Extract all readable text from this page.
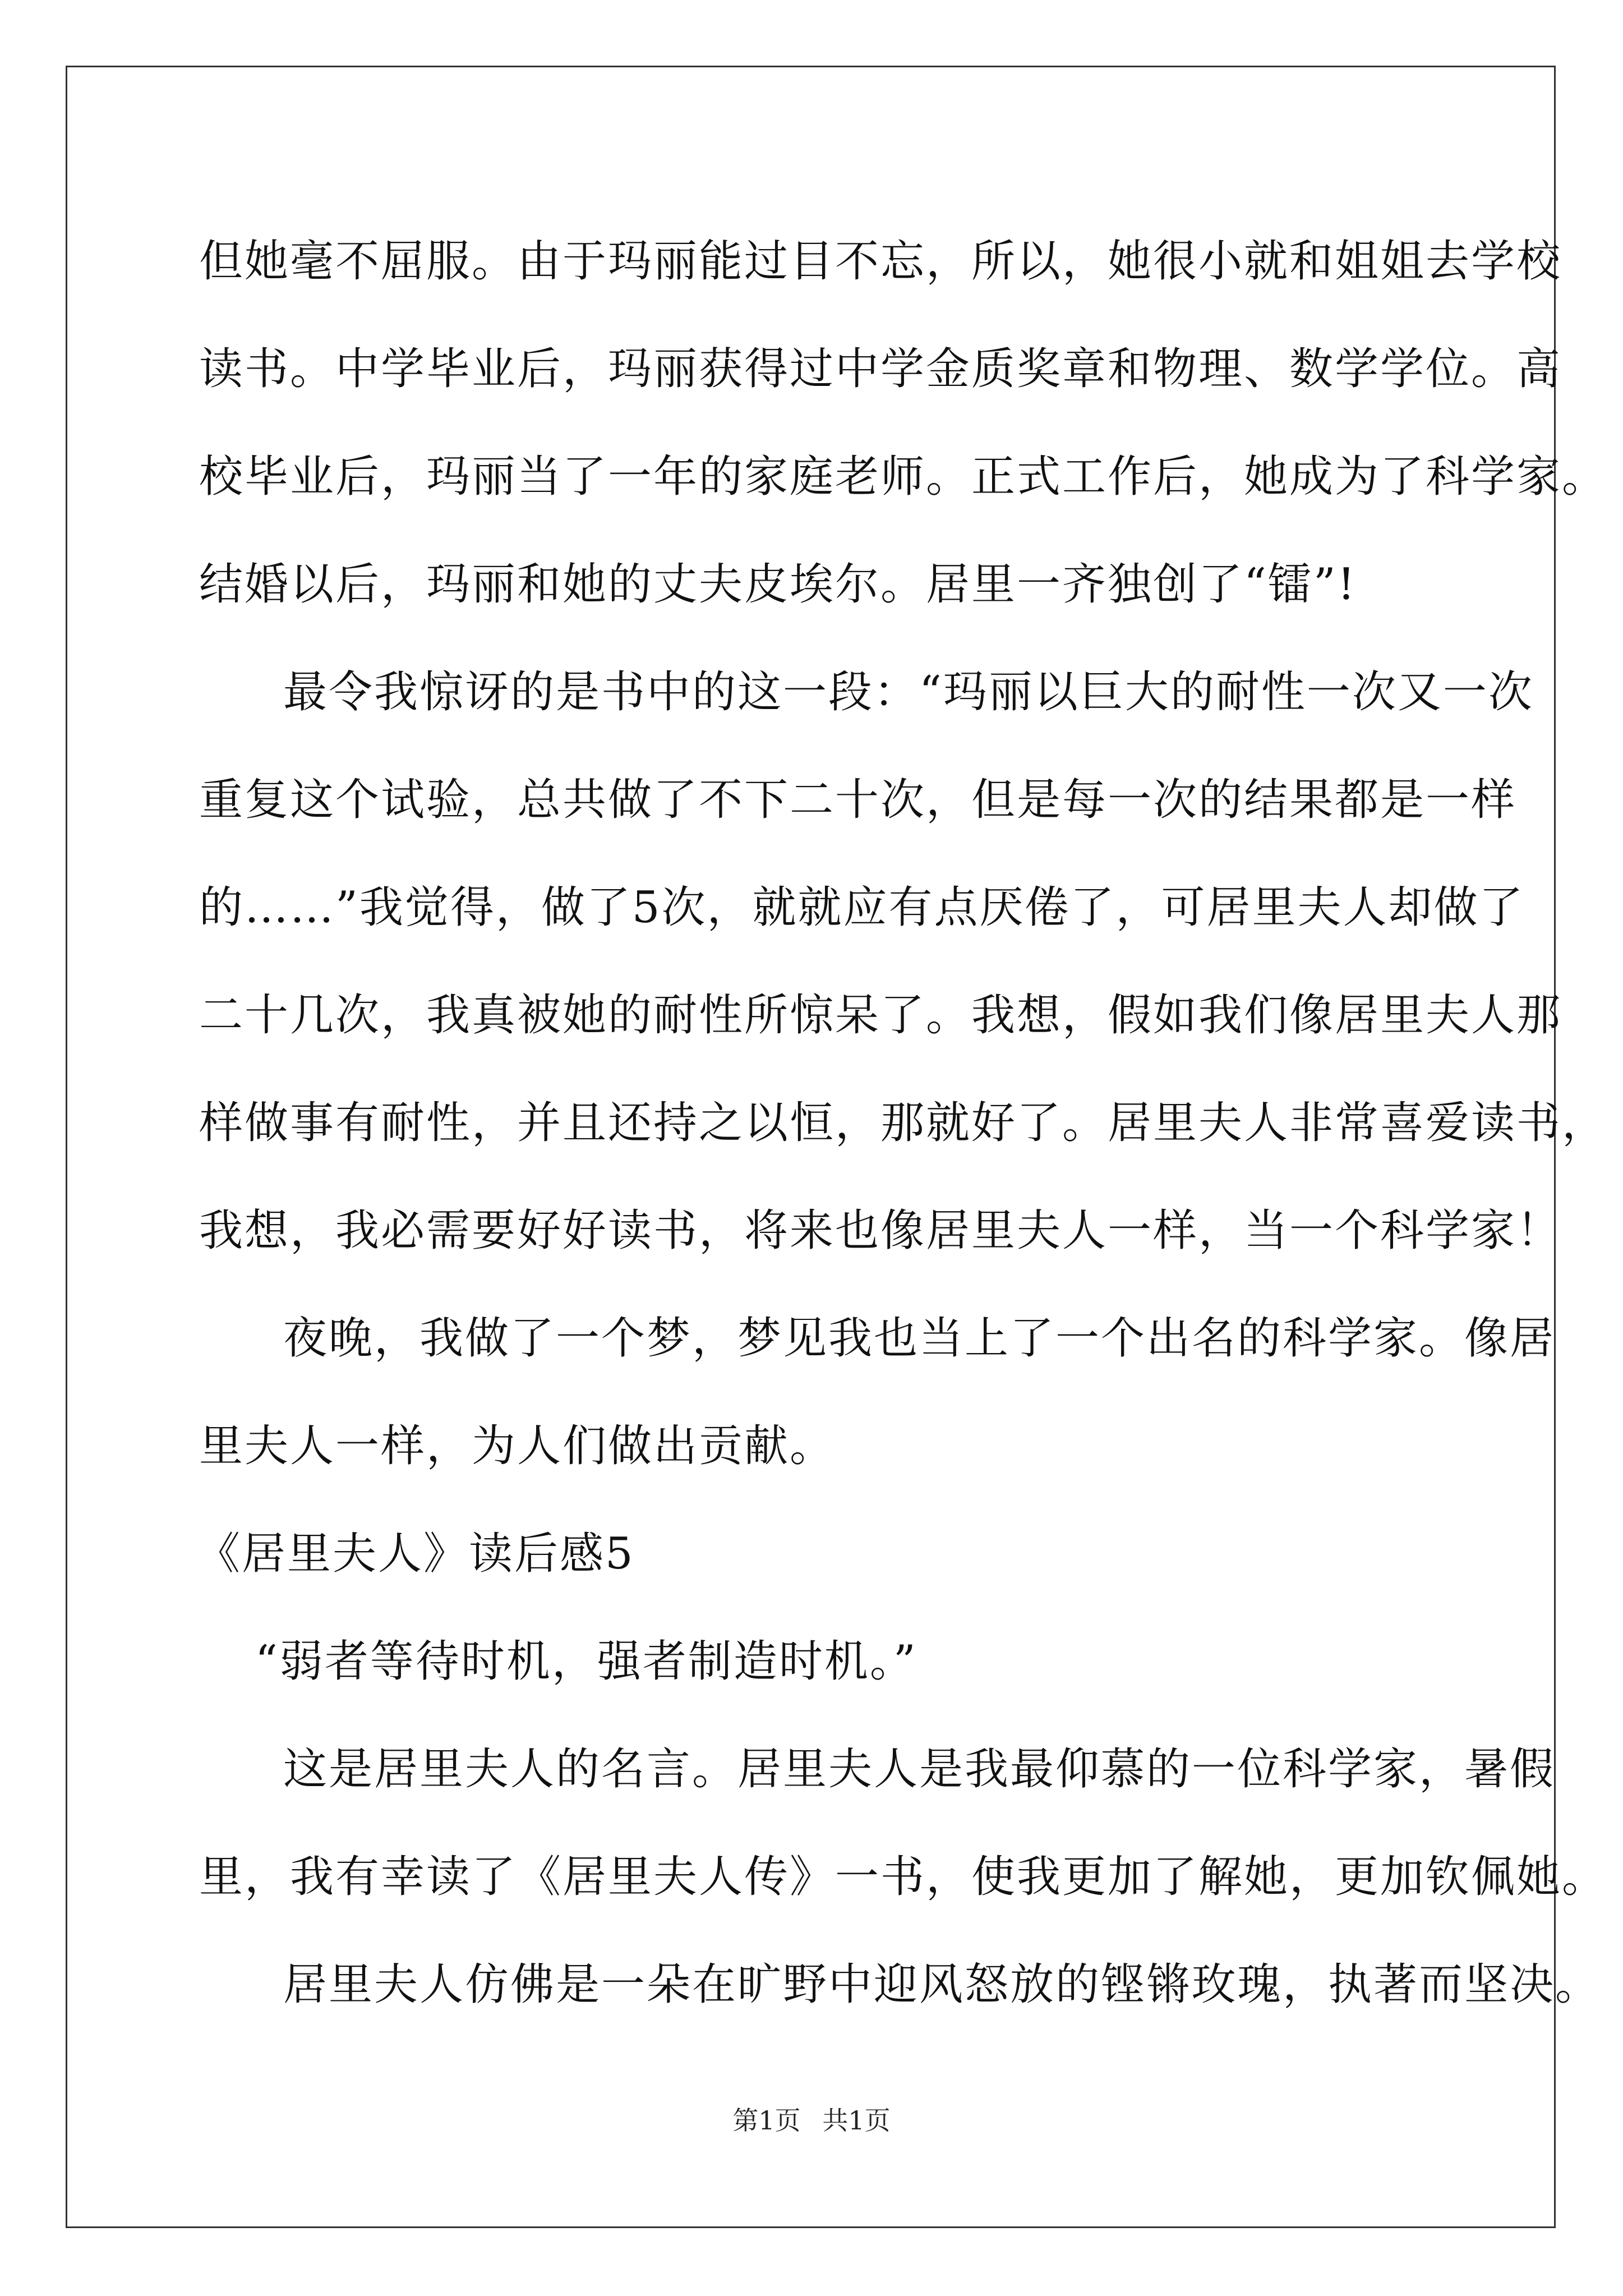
但她毫不屈服。由于玛丽能过目不忘，所以，她很小就和姐姐去学校
读书。中学毕业后，玛丽获得过中学金质奖章和物理、数学学位。高
校毕业后，玛丽当了一年的家庭老师。正式工作后，她成为了科学家。
结婚以后，玛丽和她的丈夫皮埃尔。居里一齐独创了“镭”!
最令我惊讶的是书中的这一段：“玛丽以巨大的耐性一次又一次
重复这个试验，总共做了不下二十次，但是每一次的结果都是一样
的……”我觉得，做了5次，就就应有点厌倦了，可居里夫人却做了
二十几次，我真被她的耐性所惊呆了。我想，假如我们像居里夫人那
样做事有耐性，并且还持之以恒，那就好了。居里夫人非常喜爱读书，
我想，我必需要好好读书，将来也像居里夫人一样，当一个科学家！
夜晚，我做了一个梦，梦见我也当上了一个出名的科学家。像居
里夫人一样，为人们做出贡献。
《居里夫人》读后感5
“弱者等待时机，强者制造时机。”
这是居里夫人的名言。居里夫人是我最仰慕的一位科学家，暑假
里，我有幸读了《居里夫人传》一书，使我更加了解她，更加钦佩她。
居里夫人仿佛是一朵在旷野中迎风怒放的铿锵玫瑰，执著而坚决。
第1页 共1页
